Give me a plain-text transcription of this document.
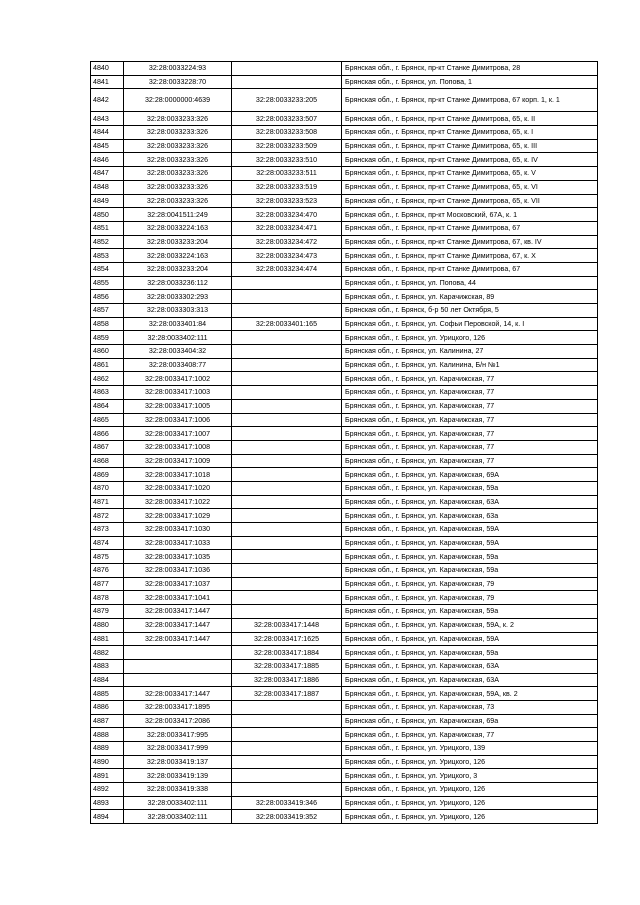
4840	32:28:0033224:93		Брянская обл., г. Брянск, пр-кт Станке Димитрова, 28
4841	32:28:0033228:70		Брянская обл., г. Брянск, ул. Попова, 1
4842	32:28:0000000:4639	32:28:0033233:205	Брянская обл., г. Брянск, пр-кт Станке Димитрова, 67 корп. 1, к. 1
4843	32:28:0033233:326	32:28:0033233:507	Брянская обл., г. Брянск, пр-кт Станке Димитрова, 65, к. II
4844	32:28:0033233:326	32:28:0033233:508	Брянская обл., г. Брянск, пр-кт Станке Димитрова, 65, к. I
4845	32:28:0033233:326	32:28:0033233:509	Брянская обл., г. Брянск, пр-кт Станке Димитрова, 65, к. III
4846	32:28:0033233:326	32:28:0033233:510	Брянская обл., г. Брянск, пр-кт Станке Димитрова, 65, к. IV
4847	32:28:0033233:326	32:28:0033233:511	Брянская обл., г. Брянск, пр-кт Станке Димитрова, 65, к. V
4848	32:28:0033233:326	32:28:0033233:519	Брянская обл., г. Брянск, пр-кт Станке Димитрова, 65, к. VI
4849	32:28:0033233:326	32:28:0033233:523	Брянская обл., г. Брянск, пр-кт Станке Димитрова, 65, к. VII
4850	32:28:0041511:249	32:28:0033234:470	Брянская обл., г. Брянск, пр-кт Московский, 67А, к. 1
4851	32:28:0033224:163	32:28:0033234:471	Брянская обл., г. Брянск, пр-кт Станке Димитрова, 67
4852	32:28:0033233:204	32:28:0033234:472	Брянская обл., г. Брянск, пр-кт Станке Димитрова, 67, кв. IV
4853	32:28:0033224:163	32:28:0033234:473	Брянская обл., г. Брянск, пр-кт Станке Димитрова, 67, к. X
4854	32:28:0033233:204	32:28:0033234:474	Брянская обл., г. Брянск, пр-кт Станке Димитрова, 67
4855	32:28:0033236:112		Брянская обл., г. Брянск, ул. Попова, 44
4856	32:28:0033302:293		Брянская обл., г. Брянск, ул. Карачижская, 89
4857	32:28:0033303:313		Брянская обл., г. Брянск, б-р 50 лет Октября, 5
4858	32:28:0033401:84	32:28:0033401:165	Брянская обл., г. Брянск, ул. Софьи Перовской, 14, к. I
4859	32:28:0033402:111		Брянская обл., г. Брянск, ул. Урицкого, 126
4860	32:28:0033404:32		Брянская обл., г. Брянск, ул. Калинина, 27
4861	32:28:0033408:77		Брянская обл., г. Брянск, ул. Калинина, Б/н №1
4862	32:28:0033417:1002		Брянская обл., г. Брянск, ул. Карачижская, 77
4863	32:28:0033417:1003		Брянская обл., г. Брянск, ул. Карачижская, 77
4864	32:28:0033417:1005		Брянская обл., г. Брянск, ул. Карачижская, 77
4865	32:28:0033417:1006		Брянская обл., г. Брянск, ул. Карачижская, 77
4866	32:28:0033417:1007		Брянская обл., г. Брянск, ул. Карачижская, 77
4867	32:28:0033417:1008		Брянская обл., г. Брянск, ул. Карачижская, 77
4868	32:28:0033417:1009		Брянская обл., г. Брянск, ул. Карачижская, 77
4869	32:28:0033417:1018		Брянская обл., г. Брянск, ул. Карачижская, 69А
4870	32:28:0033417:1020		Брянская обл., г. Брянск, ул. Карачижская, 59а
4871	32:28:0033417:1022		Брянская обл., г. Брянск, ул. Карачижская, 63А
4872	32:28:0033417:1029		Брянская обл., г. Брянск, ул. Карачижская, 63а
4873	32:28:0033417:1030		Брянская обл., г. Брянск, ул. Карачижская, 59А
4874	32:28:0033417:1033		Брянская обл., г. Брянск, ул. Карачижская, 59А
4875	32:28:0033417:1035		Брянская обл., г. Брянск, ул. Карачижская, 59а
4876	32:28:0033417:1036		Брянская обл., г. Брянск, ул. Карачижская, 59а
4877	32:28:0033417:1037		Брянская обл., г. Брянск, ул. Карачижская, 79
4878	32:28:0033417:1041		Брянская обл., г. Брянск, ул. Карачижская, 79
4879	32:28:0033417:1447		Брянская обл., г. Брянск, ул. Карачижская, 59а
4880	32:28:0033417:1447	32:28:0033417:1448	Брянская обл., г. Брянск, ул. Карачижская, 59А, к. 2
4881	32:28:0033417:1447	32:28:0033417:1625	Брянская обл., г. Брянск, ул. Карачижская, 59А
4882		32:28:0033417:1884	Брянская обл., г. Брянск, ул. Карачижская, 59а
4883		32:28:0033417:1885	Брянская обл., г. Брянск, ул. Карачижская, 63А
4884		32:28:0033417:1886	Брянская обл., г. Брянск, ул. Карачижская, 63А
4885	32:28:0033417:1447	32:28:0033417:1887	Брянская обл., г. Брянск, ул. Карачижская, 59А, кв. 2
4886	32:28:0033417:1895		Брянская обл., г. Брянск, ул. Карачижская, 73
4887	32:28:0033417:2086		Брянская обл., г. Брянск, ул. Карачижская, 69а
4888	32:28:0033417:995		Брянская обл., г. Брянск, ул. Карачижская, 77
4889	32:28:0033417:999		Брянская обл., г. Брянск, ул. Урицкого, 139
4890	32:28:0033419:137		Брянская обл., г. Брянск, ул. Урицкого, 126
4891	32:28:0033419:139		Брянская обл., г. Брянск, ул. Урицкого, 3
4892	32:28:0033419:338		Брянская обл., г. Брянск, ул. Урицкого, 126
4893	32:28:0033402:111	32:28:0033419:346	Брянская обл., г. Брянск, ул. Урицкого, 126
4894	32:28:0033402:111	32:28:0033419:352	Брянская обл., г. Брянск, ул. Урицкого, 126
